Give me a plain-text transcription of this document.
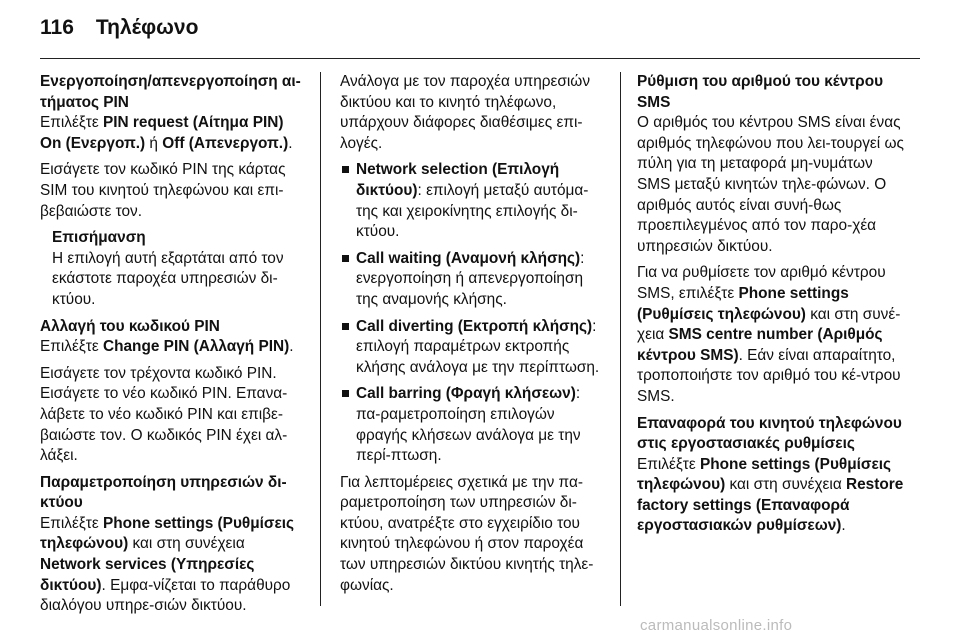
116 Τηλέφωνο

Ενεργοποίηση/απενεργοποίηση αι-τήματος PIN

Επιλέξτε PIN request (Αίτημα PIN) On (Ενεργοπ.) ή Off (Απενεργοπ.).

Εισάγετε τον κωδικό PIN της κάρτας SIM του κινητού τηλεφώνου και επι-βεβαιώστε τον.

Επισήμανση

Η επιλογή αυτή εξαρτάται από τον εκάστοτε παροχέα υπηρεσιών δι-κτύου.

Αλλαγή του κωδικού PIN

Επιλέξτε Change PIN (Αλλαγή PIN).

Εισάγετε τον τρέχοντα κωδικό PIN. Εισάγετε το νέο κωδικό PIN. Επανα-λάβετε το νέο κωδικό PIN και επιβε-βαιώστε τον. Ο κωδικός PIN έχει αλ-λάξει.

Παραμετροποίηση υπηρεσιών δι-κτύου

Επιλέξτε Phone settings (Ρυθμίσεις τηλεφώνου) και στη συνέχεια Network services (Υπηρεσίες δικτύου). Εμφα-νίζεται το παράθυρο διαλόγου υπηρε-σιών δικτύου.

Ανάλογα με τον παροχέα υπηρεσιών δικτύου και το κινητό τηλέφωνο, υπάρχουν διάφορες διαθέσιμες επι-λογές.

Network selection (Επιλογή δικτύου): επιλογή μεταξύ αυτόμα-της και χειροκίνητης επιλογής δι-κτύου.
Call waiting (Αναμονή κλήσης): ενεργοποίηση ή απενεργοποίηση της αναμονής κλήσης.
Call diverting (Εκτροπή κλήσης): επιλογή παραμέτρων εκτροπής κλήσης ανάλογα με την περίπτωση.
Call barring (Φραγή κλήσεων): πα-ραμετροποίηση επιλογών φραγής κλήσεων ανάλογα με την περί-πτωση.

Για λεπτομέρειες σχετικά με την πα-ραμετροποίηση των υπηρεσιών δι-κτύου, ανατρέξτε στο εγχειρίδιο του κινητού τηλεφώνου ή στον παροχέα των υπηρεσιών δικτύου κινητής τηλε-φωνίας.

Ρύθμιση του αριθμού του κέντρου SMS

Ο αριθμός του κέντρου SMS είναι ένας αριθμός τηλεφώνου που λει-τουργεί ως πύλη για τη μεταφορά μη-νυμάτων SMS μεταξύ κινητών τηλε-φώνων. Ο αριθμός αυτός είναι συνή-θως προεπιλεγμένος από τον παρο-χέα υπηρεσιών δικτύου.

Για να ρυθμίσετε τον αριθμό κέντρου SMS, επιλέξτε Phone settings (Ρυθμίσεις τηλεφώνου) και στη συνέ-χεια SMS centre number (Αριθμός κέντρου SMS). Εάν είναι απαραίτητο, τροποποιήστε τον αριθμό του κέ-ντρου SMS.

Επαναφορά του κινητού τηλεφώνου στις εργοστασιακές ρυθμίσεις

Επιλέξτε Phone settings (Ρυθμίσεις τηλεφώνου) και στη συνέχεια Restore factory settings (Επαναφορά εργοστασιακών ρυθμίσεων).

carmanualsonline.info
